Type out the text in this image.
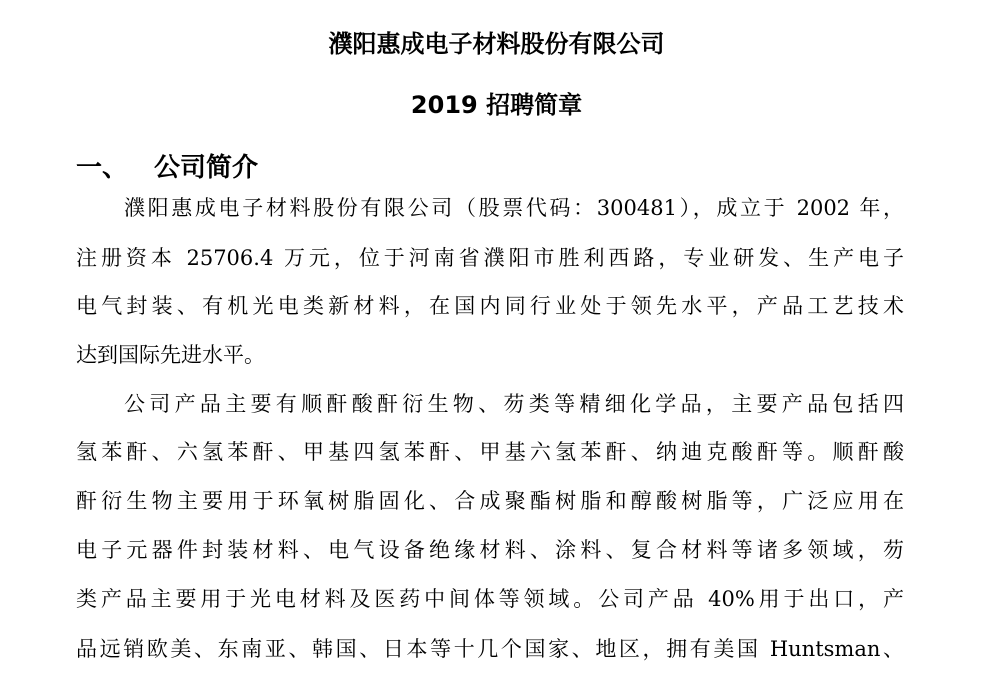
濮阳惠成电子材料股份有限公司
2019 招聘简章
一、 公司简介
濮阳惠成电子材料股份有限公司（股票代码：300481），成立于 2002 年，
注册资本 25706.4 万元，位于河南省濮阳市胜利西路，专业研发、生产电子
电气封装、有机光电类新材料，在国内同行业处于领先水平，产品工艺技术
达到国际先进水平。
公司产品主要有顺酐酸酐衍生物、芴类等精细化学品，主要产品包括四
氢苯酐、六氢苯酐、甲基四氢苯酐、甲基六氢苯酐、纳迪克酸酐等。顺酐酸
酐衍生物主要用于环氧树脂固化、合成聚酯树脂和醇酸树脂等，广泛应用在
电子元器件封装材料、电气设备绝缘材料、涂料、复合材料等诸多领域，芴
类产品主要用于光电材料及医药中间体等领域。公司产品 40%用于出口，产
品远销欧美、东南亚、韩国、日本等十几个国家、地区，拥有美国 Huntsman、
